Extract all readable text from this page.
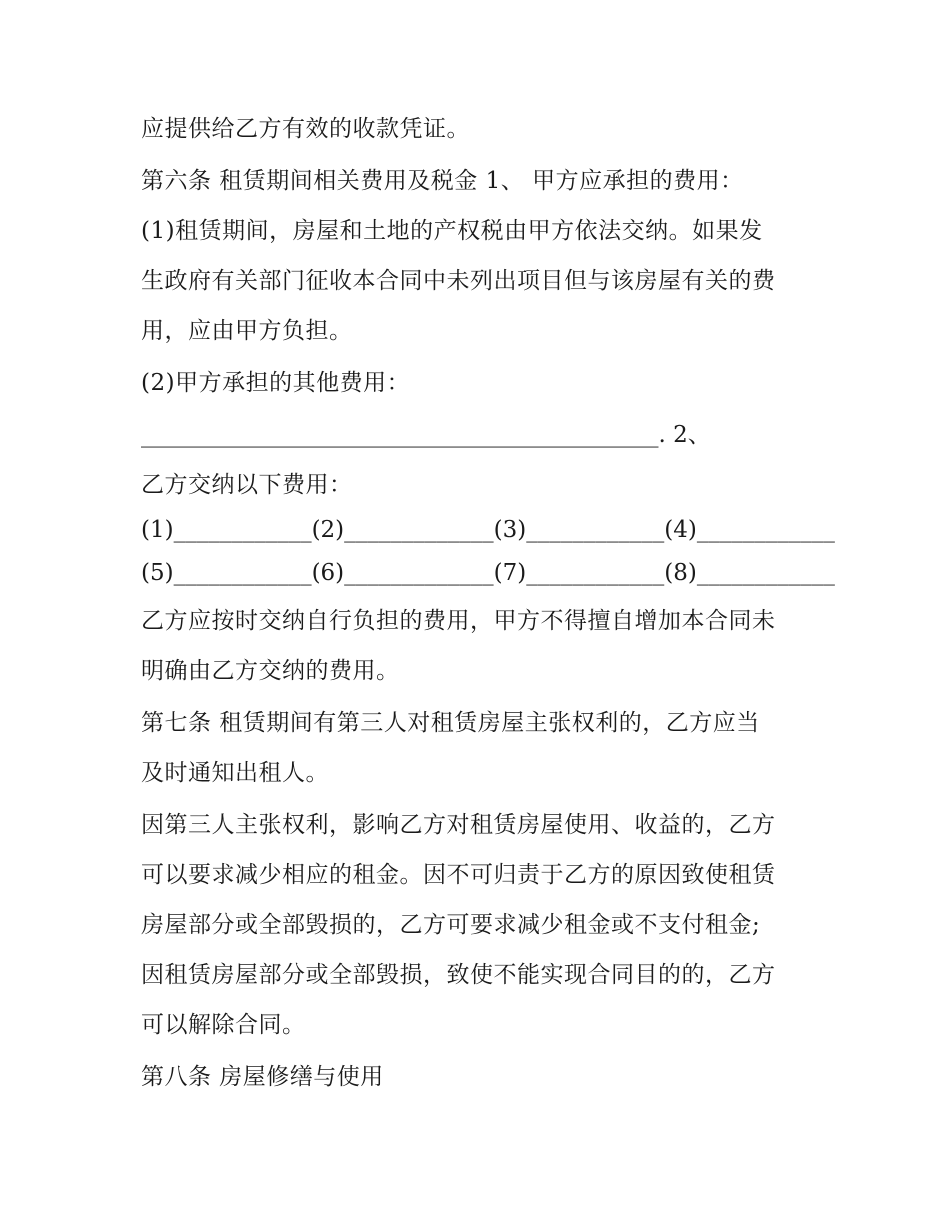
应提供给乙方有效的收款凭证。
第六条 租赁期间相关费用及税金 1、 甲方应承担的费用：
(1)租赁期间，房屋和土地的产权税由甲方依法交纳。如果发
生政府有关部门征收本合同中未列出项目但与该房屋有关的费
用，应由甲方负担。
(2)甲方承担的其他费用：
_____________________________________________. 2、
乙方交纳以下费用：
(1)____________(2)_____________(3)____________(4)____________
(5)____________(6)_____________(7)____________(8)____________
乙方应按时交纳自行负担的费用，甲方不得擅自增加本合同未
明确由乙方交纳的费用。
第七条 租赁期间有第三人对租赁房屋主张权利的，乙方应当
及时通知出租人。
因第三人主张权利，影响乙方对租赁房屋使用、收益的，乙方
可以要求减少相应的租金。因不可归责于乙方的原因致使租赁
房屋部分或全部毁损的，乙方可要求减少租金或不支付租金;
因租赁房屋部分或全部毁损，致使不能实现合同目的的，乙方
可以解除合同。
第八条 房屋修缮与使用
